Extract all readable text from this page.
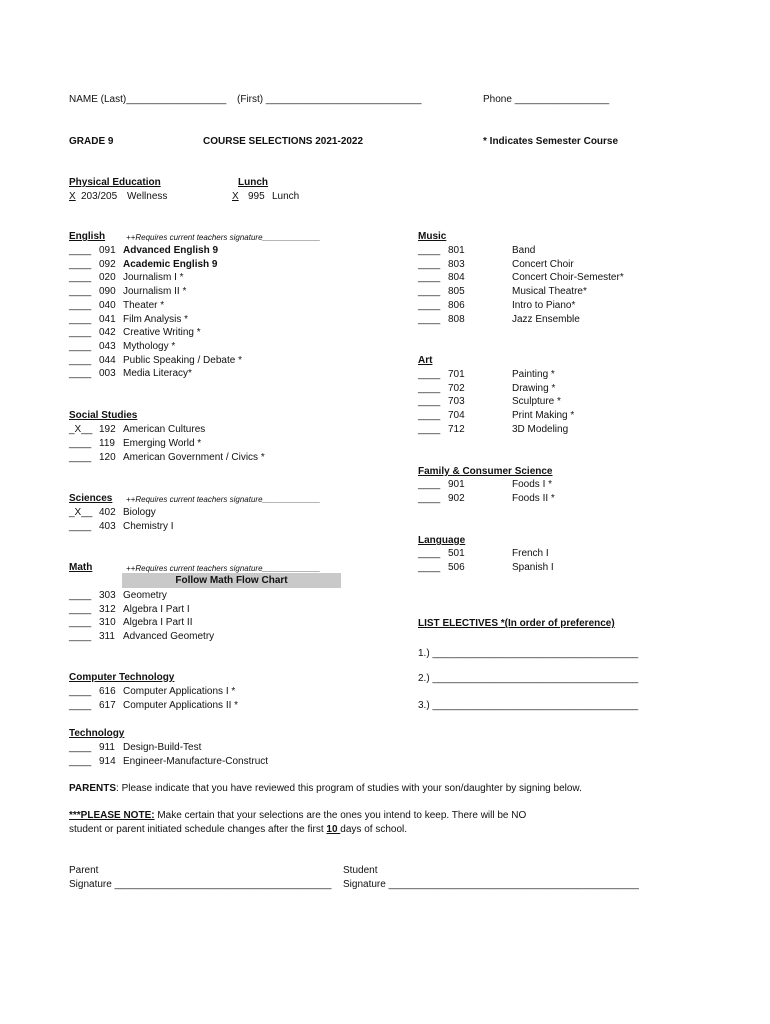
NAME (Last)__________________ (First) ____________________________	Phone _________________
GRADE 9	COURSE SELECTIONS 2021-2022	* Indicates Semester Course
Physical Education
X 203/205 Wellness
Lunch
X 995 Lunch
English	++Requires current teachers signature_____________
____ 091 Advanced English 9
____ 092 Academic English 9
____ 020 Journalism I *
____ 090 Journalism II *
____ 040 Theater *
____ 041 Film Analysis *
____ 042 Creative Writing *
____ 043 Mythology *
____ 044 Public Speaking / Debate *
____ 003 Media Literacy*
Social Studies
_X__ 192 American Cultures
____ 119 Emerging World *
____ 120 American Government / Civics *
Sciences ++Requires current teachers signature_____________
_X__ 402 Biology
____ 403 Chemistry I
Math	++Requires current teachers signature_____________
Follow Math Flow Chart
____ 303 Geometry
____ 312 Algebra I Part I
____ 310 Algebra I Part II
____ 311 Advanced Geometry
Computer Technology
____ 616 Computer Applications I *
____ 617 Computer Applications II *
Technology
____ 911 Design-Build-Test
____ 914 Engineer-Manufacture-Construct
Music
____ 801	Band
____ 803	Concert Choir
____ 804	Concert Choir-Semester*
____ 805	Musical Theatre*
____ 806	Intro to Piano*
____ 808	Jazz Ensemble
Art
____ 701	Painting *
____ 702	Drawing *
____ 703	Sculpture *
____ 704	Print Making *
____ 712	3D Modeling
Family & Consumer Science
____ 901	Foods I *
____ 902	Foods II *
Language
____ 501	French I
____ 506	Spanish I
LIST ELECTIVES *(In order of preference)
1.) _____________________________________
2.) _____________________________________
3.) _____________________________________
PARENTS: Please indicate that you have reviewed this program of studies with your son/daughter by signing below.
***PLEASE NOTE: Make certain that your selections are the ones you intend to keep. There will be NO
student or parent initiated schedule changes after the first 10 days of school.
Parent
Signature _______________________________________
Student
Signature _____________________________________________
